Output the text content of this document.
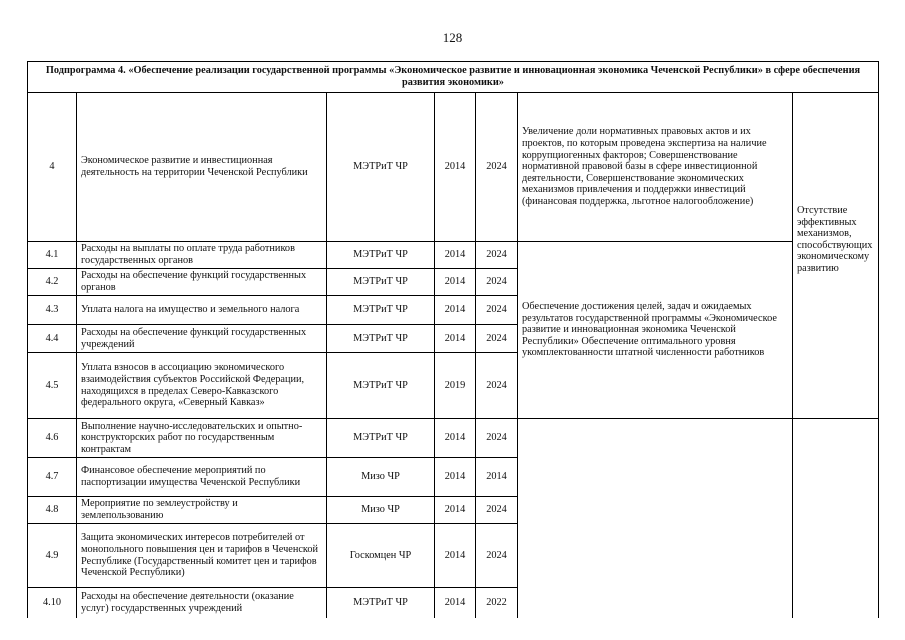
128
Подпрограмма 4. «Обеспечение реализации государственной программы «Экономическое развитие и инновационная экономика Чеченской Республики» в сфере обеспечения развития экономики»						
4	Экономическое развитие и инвестиционная деятельность на территории Чеченской Республики	МЭТРиТ ЧР	2014	2024	Увеличение доли нормативных правовых актов и их проектов, по которым проведена экспертиза на наличие коррупциогенных факторов; Совершенствование нормативной правовой базы в сфере инвестиционной деятельности, Совершенствование экономических механизмов привлечения и поддержки инвестиций (финансовая поддержка, льготное налогообложение)	Отсутствие эффективных механизмов, способствующих экономическому развитию
4.1	Расходы на выплаты по оплате труда работников государственных органов	МЭТРиТ ЧР	2014	2024	Обеспечение достижения целей, задач и ожидаемых результатов государственной программы «Экономическое развитие и инновационная экономика Чеченской Республики» Обеспечение оптимального уровня укомплектованности штатной численности работников	
4.2	Расходы на обеспечение функций государственных органов	МЭТРиТ ЧР	2014	2024		
4.3	Уплата налога на имущество и земельного налога	МЭТРиТ ЧР	2014	2024		
4.4	Расходы на обеспечение функций государственных учреждений	МЭТРиТ ЧР	2014	2024		
4.5	Уплата взносов в ассоциацию экономического взаимодействия субъектов Российской Федерации, находящихся в пределах Северо-Кавказского федерального округа, «Северный Кавказ»	МЭТРиТ ЧР	2019	2024		
4.6	Выполнение научно-исследовательских и опытно-конструкторских работ по государственным контрактам	МЭТРиТ ЧР	2014	2024		
4.7	Финансовое обеспечение мероприятий по паспортизации имущества Чеченской Республики	Мизо ЧР	2014	2014		
4.8	Мероприятие по землеустройству и землепользованию	Мизо ЧР	2014	2024		
4.9	Защита экономических интересов потребителей от монопольного повышения цен и тарифов в Чеченской Республике (Государственный комитет цен и тарифов Чеченской Республики)	Госкомцен ЧР	2014	2024		
4.10	Расходы на обеспечение деятельности (оказание услуг) государственных учреждений	МЭТРиТ ЧР	2014	2022		
